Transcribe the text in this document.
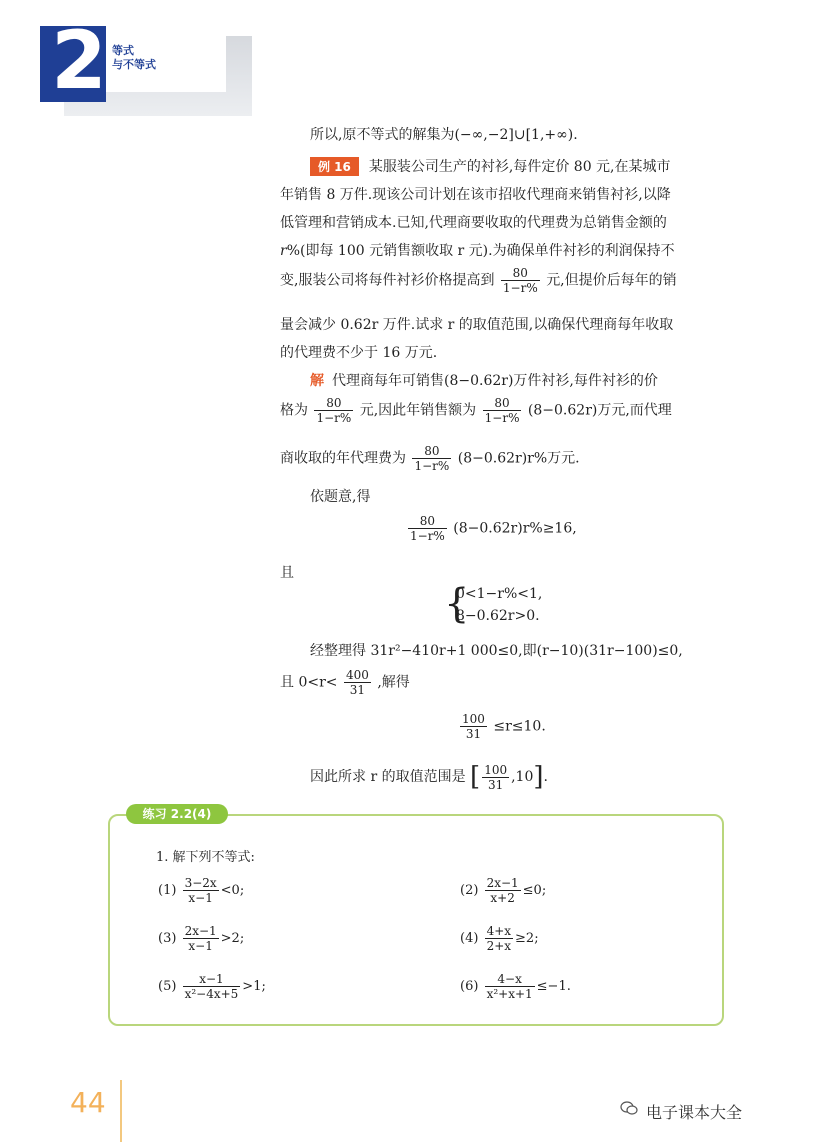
2 等式
与不等式
所以,原不等式的解集为(−∞,−2]∪[1,+∞).
例 16 某服装公司生产的衬衫,每件定价 80 元,在某城市
年销售 8 万件.现该公司计划在该市招收代理商来销售衬衫,以降
低管理和营销成本.已知,代理商要收取的代理费为总销售金额的
r%(即每 100 元销售额收取 r 元).为确保单件衬衫的利润保持不
变,服装公司将每件衬衫价格提高到 $\frac{80}{1-r\%}$ 元,但提价后每年的销
量会减少 0.62r 万件.试求 r 的取值范围,以确保代理商每年收取
的代理费不少于 16 万元.
解 代理商每年可销售(8−0.62r)万件衬衫,每件衬衫的价
格为 $\frac{80}{1-r\%}$ 元,因此年销售额为 $\frac{80}{1-r\%} (8-0.62r)$万元,而代理
商收取的年代理费为 $\frac{80}{1-r\%} (8-0.62r)r\%$万元.
依题意,得
$\frac{80}{1-r\%} (8-0.62r)r\%\ge 16$,
且
{
0<1−r%<1,
8−0.62r>0.
经整理得 31r²−410r+1 000≤0,即(r−10)(31r−100)≤0,
且 $0<r< \frac{400}{31}$ ,解得
$\frac{100}{31} \le r\le 10$.
因此所求 r 的取值范围是 [ $\frac{100}{31} ,10$].
练习 2.2(4)
1. 解下列不等式:
$(1) \frac{3-2x}{x-1} <0$;	$(2) \frac{2x-1}{x+2} \le 0$;
$(3) \frac{2x-1}{x-1} >2$;	$(4) \frac{4+x}{2+x} \ge 2$;
$(5) \frac{x-1}{\text{x²−4x+5}} >1$;	$(6) \frac{4-x}{\text{x²+x+1}} \le-1$.
44	电子课本大全
